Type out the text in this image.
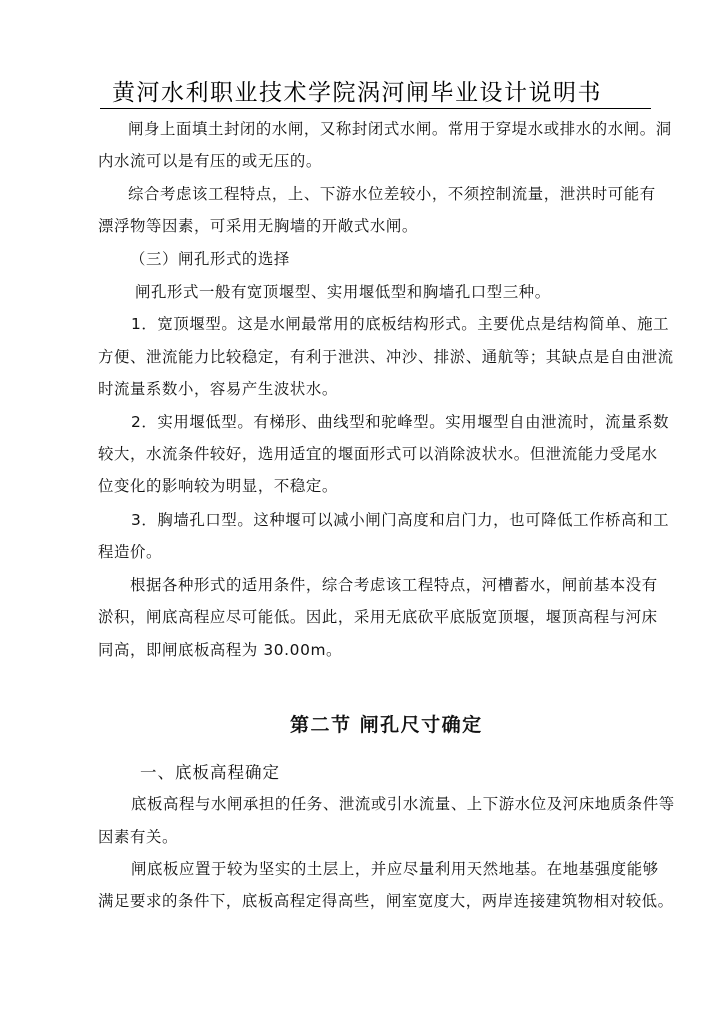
黄河水利职业技术学院涡河闸毕业设计说明书
闸身上面填土封闭的水闸，又称封闭式水闸。常用于穿堤水或排水的水闸。洞
内水流可以是有压的或无压的。
综合考虑该工程特点，上、下游水位差较小，不须控制流量，泄洪时可能有
漂浮物等因素，可采用无胸墙的开敞式水闸。
（三）闸孔形式的选择
闸孔形式一般有宽顶堰型、实用堰低型和胸墙孔口型三种。
1．宽顶堰型。这是水闸最常用的底板结构形式。主要优点是结构简单、施工
方便、泄流能力比较稳定，有利于泄洪、冲沙、排淤、通航等；其缺点是自由泄流
时流量系数小，容易产生波状水。
2．实用堰低型。有梯形、曲线型和驼峰型。实用堰型自由泄流时，流量系数
较大，水流条件较好，选用适宜的堰面形式可以消除波状水。但泄流能力受尾水
位变化的影响较为明显，不稳定。
3．胸墙孔口型。这种堰可以减小闸门高度和启门力，也可降低工作桥高和工
程造价。
根据各种形式的适用条件，综合考虑该工程特点，河槽蓄水，闸前基本没有
淤积，闸底高程应尽可能低。因此，采用无底砍平底版宽顶堰，堰顶高程与河床
同高，即闸底板高程为 30.00m。
第二节 闸孔尺寸确定
一、底板高程确定
底板高程与水闸承担的任务、泄流或引水流量、上下游水位及河床地质条件等
因素有关。
闸底板应置于较为坚实的土层上，并应尽量利用天然地基。在地基强度能够
满足要求的条件下，底板高程定得高些，闸室宽度大，两岸连接建筑物相对较低。
